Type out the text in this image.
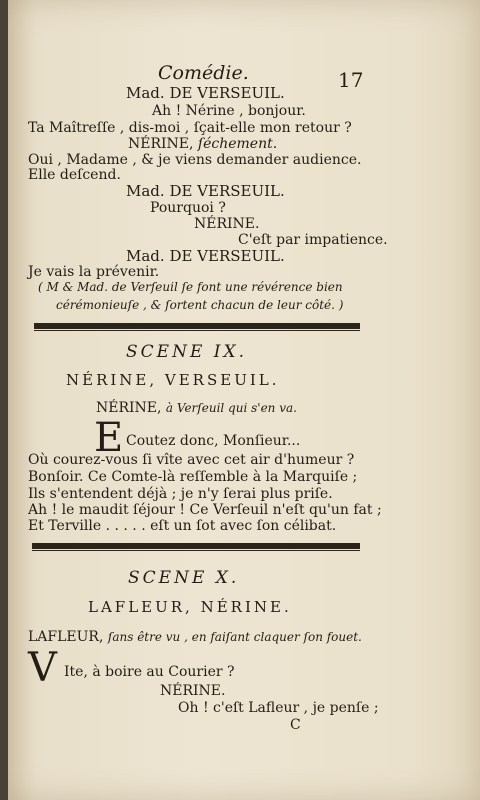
Comédie.	17
Mad. DE VERSEUIL.
Ah ! Nérine , bonjour.
Ta Maîtreſſe , dis-moi , ſçait-elle mon retour ?
NÉRINE, ſéchement.
Oui , Madame , & je viens demander audience.
Elle deſcend.
Mad. DE VERSEUIL.
Pourquoi ?
NÉRINE.
C'eſt par impatience.
Mad. DE VERSEUIL.
Je vais la prévenir.
( M & Mad. de Verſeuil ſe font une révérence bien
cérémonieuſe , & ſortent chacun de leur côté. )
SCENE IX.
NÉRINE, VERSEUIL.
NÉRINE, à Verſeuil qui s'en va.
E Coutez donc, Monſieur...
Où courez-vous ſi vîte avec cet air d'humeur ?
Bonſoir. Ce Comte-là reſſemble à la Marquiſe ;
Ils s'entendent déjà ; je n'y ſerai plus priſe.
Ah ! le maudit ſéjour ! Ce Verſeuil n'eſt qu'un fat ;
Et Terville . . . . . eſt un ſot avec ſon célibat.
SCENE X.
LAFLEUR, NÉRINE.
LAFLEUR, ſans être vu , en faiſant claquer ſon fouet.
V Ite, à boire au Courier ?
NÉRINE.
Oh ! c'eſt Lafleur , je penſe ;
C
